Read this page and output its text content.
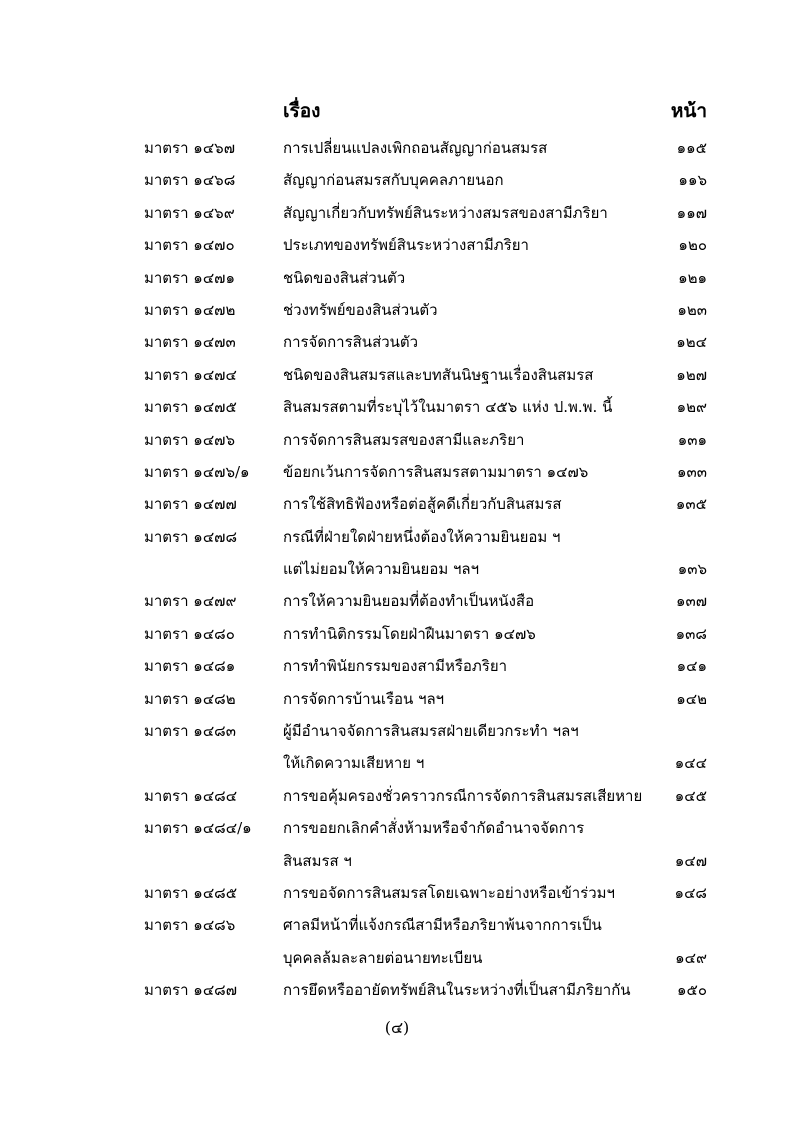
เรื่อง	หน้า
มาตรา ๑๔๖๗	การเปลี่ยนแปลงเพิกถอนสัญญาก่อนสมรส	๑๑๕
มาตรา ๑๔๖๘	สัญญาก่อนสมรสกับบุคคลภายนอก	๑๑๖
มาตรา ๑๔๖๙	สัญญาเกี่ยวกับทรัพย์สินระหว่างสมรสของสามีภริยา	๑๑๗
มาตรา ๑๔๗๐	ประเภทของทรัพย์สินระหว่างสามีภริยา	๑๒๐
มาตรา ๑๔๗๑	ชนิดของสินส่วนตัว	๑๒๑
มาตรา ๑๔๗๒	ช่วงทรัพย์ของสินส่วนตัว	๑๒๓
มาตรา ๑๔๗๓	การจัดการสินส่วนตัว	๑๒๔
มาตรา ๑๔๗๔	ชนิดของสินสมรสและบทสันนิษฐานเรื่องสินสมรส	๑๒๗
มาตรา ๑๔๗๕	สินสมรสตามที่ระบุไว้ในมาตรา ๔๕๖ แห่ง ป.พ.พ. นี้	๑๒๙
มาตรา ๑๔๗๖	การจัดการสินสมรสของสามีและภริยา	๑๓๑
มาตรา ๑๔๗๖/๑ ข้อยกเว้นการจัดการสินสมรสตามมาตรา ๑๔๗๖	๑๓๓
มาตรา ๑๔๗๗	การใช้สิทธิฟ้องหรือต่อสู้คดีเกี่ยวกับสินสมรส	๑๓๕
มาตรา ๑๔๗๘	กรณีที่ฝ่ายใดฝ่ายหนึ่งต้องให้ความยินยอม ฯ
แต่ไม่ยอมให้ความยินยอม ฯลฯ	๑๓๖
มาตรา ๑๔๗๙	การให้ความยินยอมที่ต้องทำเป็นหนังสือ	๑๓๗
มาตรา ๑๔๘๐	การทำนิติกรรมโดยฝ่าฝืนมาตรา ๑๔๗๖	๑๓๘
มาตรา ๑๔๘๑	การทำพินัยกรรมของสามีหรือภริยา	๑๔๑
มาตรา ๑๔๘๒	การจัดการบ้านเรือน ฯลฯ	๑๔๒
มาตรา ๑๔๘๓	ผู้มีอำนาจจัดการสินสมรสฝ่ายเดียวกระทำ ฯลฯ
ให้เกิดความเสียหาย ฯ	๑๔๔
มาตรา ๑๔๘๔	การขอคุ้มครองชั่วคราวกรณีการจัดการสินสมรสเสียหาย ๑๔๕
มาตรา ๑๔๘๔/๑ การขอยกเลิกคำสั่งห้ามหรือจำกัดอำนาจจัดการ
สินสมรส ฯ	๑๔๗
มาตรา ๑๔๘๕	การขอจัดการสินสมรสโดยเฉพาะอย่างหรือเข้าร่วมฯ	๑๔๘
มาตรา ๑๔๘๖	ศาลมีหน้าที่แจ้งกรณีสามีหรือภริยาพ้นจากการเป็น
บุคคลล้มละลายต่อนายทะเบียน	๑๔๙
มาตรา ๑๔๘๗	การยึดหรืออายัดทรัพย์สินในระหว่างที่เป็นสามีภริยากัน	๑๕๐
(๔)
